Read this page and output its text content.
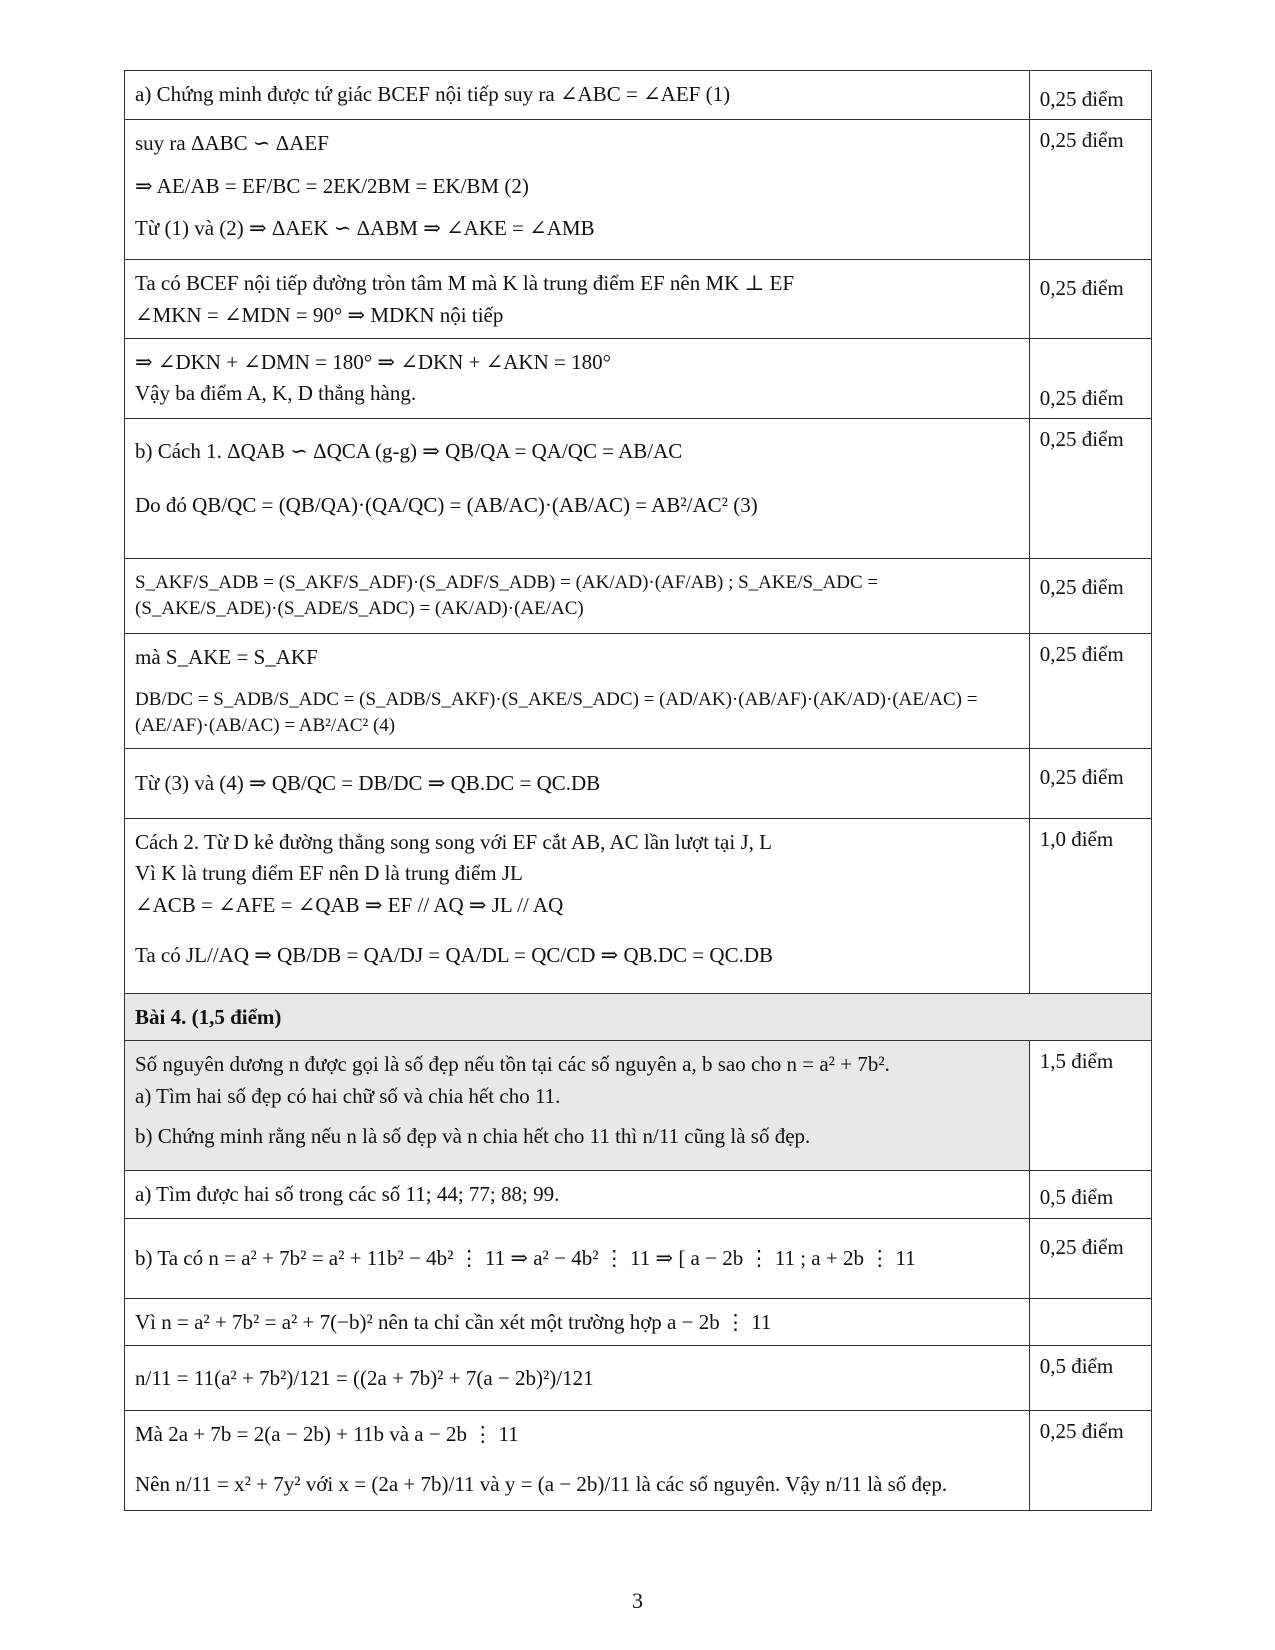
a) Chứng minh được tứ giác BCEF nội tiếp suy ra ∠ABC = ∠AEF (1)	0,25 điểm

suy ra ΔABC ∽ ΔAEF
⇒ AE/AB = EF/BC = 2EK/2BM = EK/BM (2)
Từ (1) và (2) ⇒ ΔAEK ∽ ΔABM ⇒ ∠AKE = ∠AMB	0,25 điểm

Ta có BCEF nội tiếp đường tròn tâm M mà K là trung điểm EF nên MK ⊥ EF
∠MKN = ∠MDN = 90° ⇒ MDKN nội tiếp	0,25 điểm

⇒ ∠DKN + ∠DMN = 180° ⇒ ∠DKN + ∠AKN = 180°
Vậy ba điểm A, K, D thẳng hàng.	0,25 điểm

b) Cách 1. ΔQAB ∽ ΔQCA (g-g) ⇒ QB/QA = QA/QC = AB/AC
Do đó QB/QC = (QB/QA)·(QA/QC) = (AB/AC)·(AB/AC) = AB²/AC² (3)	0,25 điểm

S_AKF/S_ADB = (S_AKF/S_ADF)·(S_ADF/S_ADB) = (AK/AD)·(AF/AB) ; S_AKE/S_ADC = (S_AKE/S_ADE)·(S_ADE/S_ADC) = (AK/AD)·(AE/AC)	0,25 điểm

mà S_AKE = S_AKF
DB/DC = S_ADB/S_ADC = (S_ADB/S_AKF)·(S_AKE/S_ADC) = (AD/AK)·(AB/AF)·(AK/AD)·(AE/AC) = (AE/AF)·(AB/AC) = AB²/AC² (4)	0,25 điểm

Từ (3) và (4) ⇒ QB/QC = DB/DC ⇒ QB.DC = QC.DB	0,25 điểm

Cách 2. Từ D kẻ đường thẳng song song với EF cắt AB, AC lần lượt tại J, L
Vì K là trung điểm EF nên D là trung điểm JL
∠ACB = ∠AFE = ∠QAB ⇒ EF // AQ ⇒ JL // AQ
Ta có JL//AQ ⇒ QB/DB = QA/DJ = QA/DL = QC/CD ⇒ QB.DC = QC.DB	1,0 điểm

Bài 4. (1,5 điểm)	

Số nguyên dương n được gọi là số đẹp nếu tồn tại các số nguyên a, b sao cho n = a² + 7b².
a) Tìm hai số đẹp có hai chữ số và chia hết cho 11.
b) Chứng minh rằng nếu n là số đẹp và n chia hết cho 11 thì n/11 cũng là số đẹp.	1,5 điểm

a) Tìm được hai số trong các số 11; 44; 77; 88; 99.	0,5 điểm

b) Ta có n = a² + 7b² = a² + 11b² − 4b² ⋮ 11 ⇒ a² − 4b² ⋮ 11 ⇒ [ a − 2b ⋮ 11 ; a + 2b ⋮ 11	0,25 điểm

Vì n = a² + 7b² = a² + 7(−b)² nên ta chỉ cần xét một trường hợp a − 2b ⋮ 11	

n/11 = 11(a² + 7b²)/121 = ((2a + 7b)² + 7(a − 2b)²)/121	0,5 điểm

Mà 2a + 7b = 2(a − 2b) + 11b và a − 2b ⋮ 11
Nên n/11 = x² + 7y² với x = (2a + 7b)/11 và y = (a − 2b)/11 là các số nguyên. Vậy n/11 là số đẹp.	0,25 điểm
3
